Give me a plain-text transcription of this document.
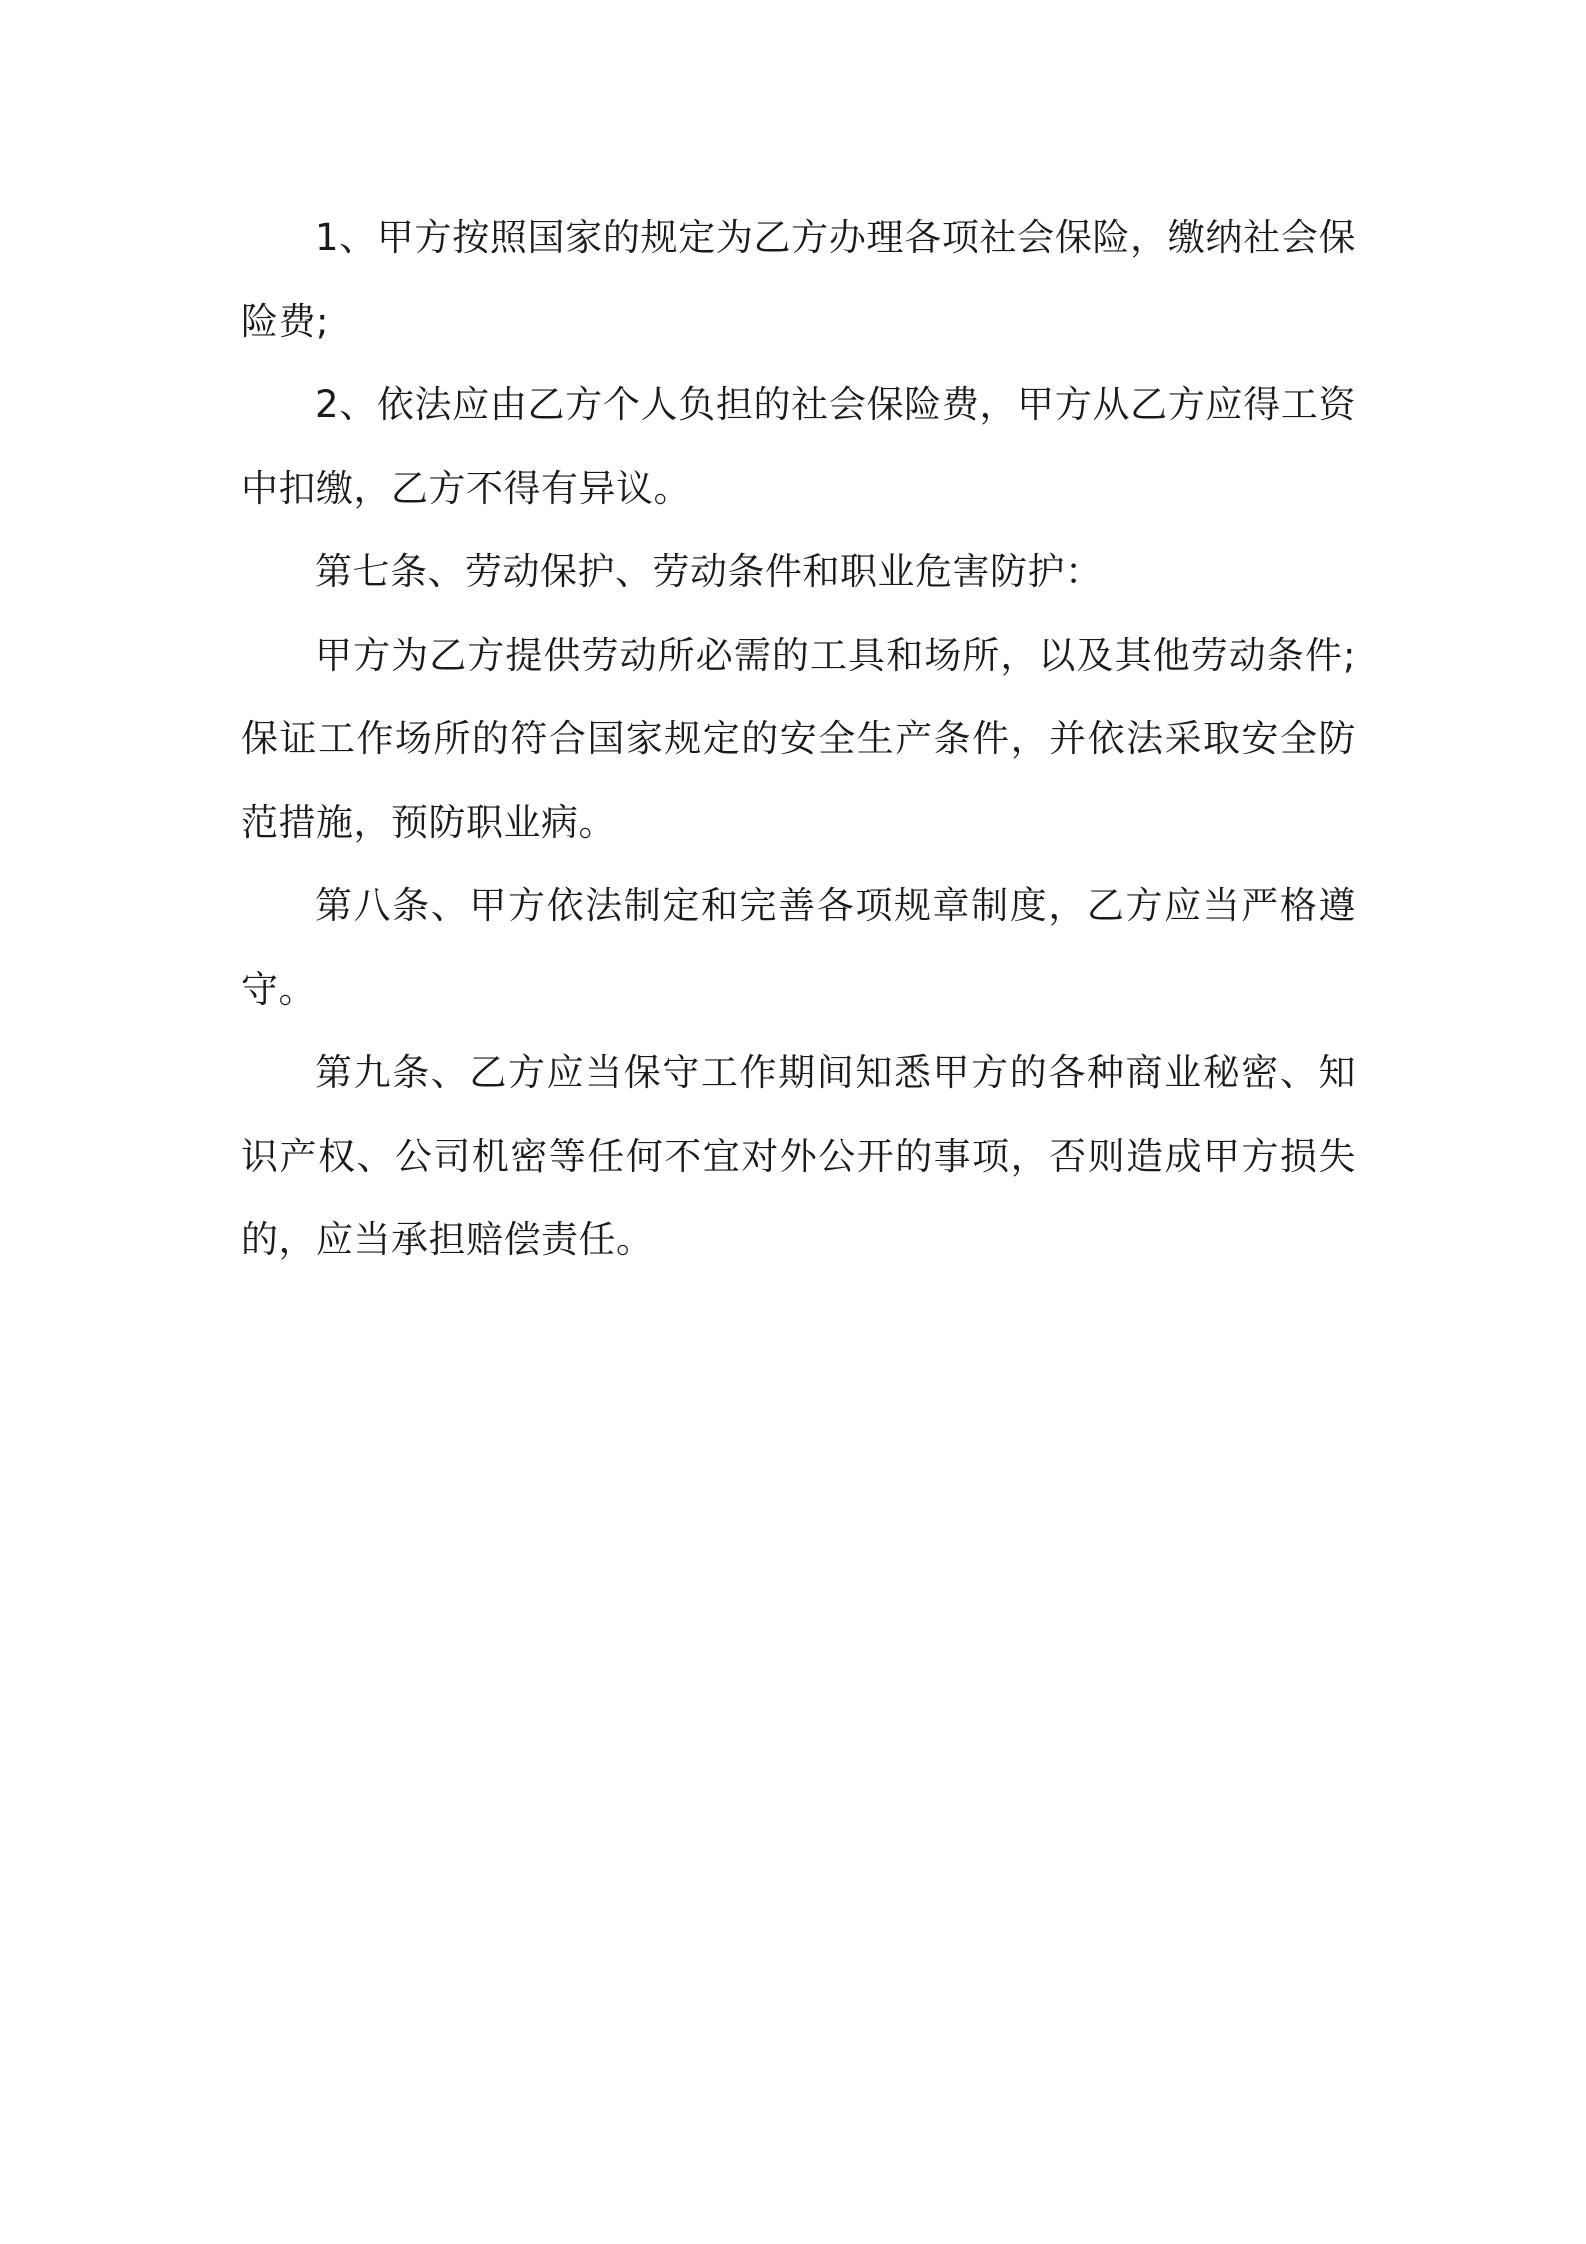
1、甲方按照国家的规定为乙方办理各项社会保险，缴纳社会保险费;

2、依法应由乙方个人负担的社会保险费，甲方从乙方应得工资中扣缴，乙方不得有异议。

第七条、劳动保护、劳动条件和职业危害防护：

甲方为乙方提供劳动所必需的工具和场所，以及其他劳动条件;保证工作场所的符合国家规定的安全生产条件，并依法采取安全防范措施，预防职业病。

第八条、甲方依法制定和完善各项规章制度，乙方应当严格遵守。

第九条、乙方应当保守工作期间知悉甲方的各种商业秘密、知识产权、公司机密等任何不宜对外公开的事项，否则造成甲方损失的，应当承担赔偿责任。
